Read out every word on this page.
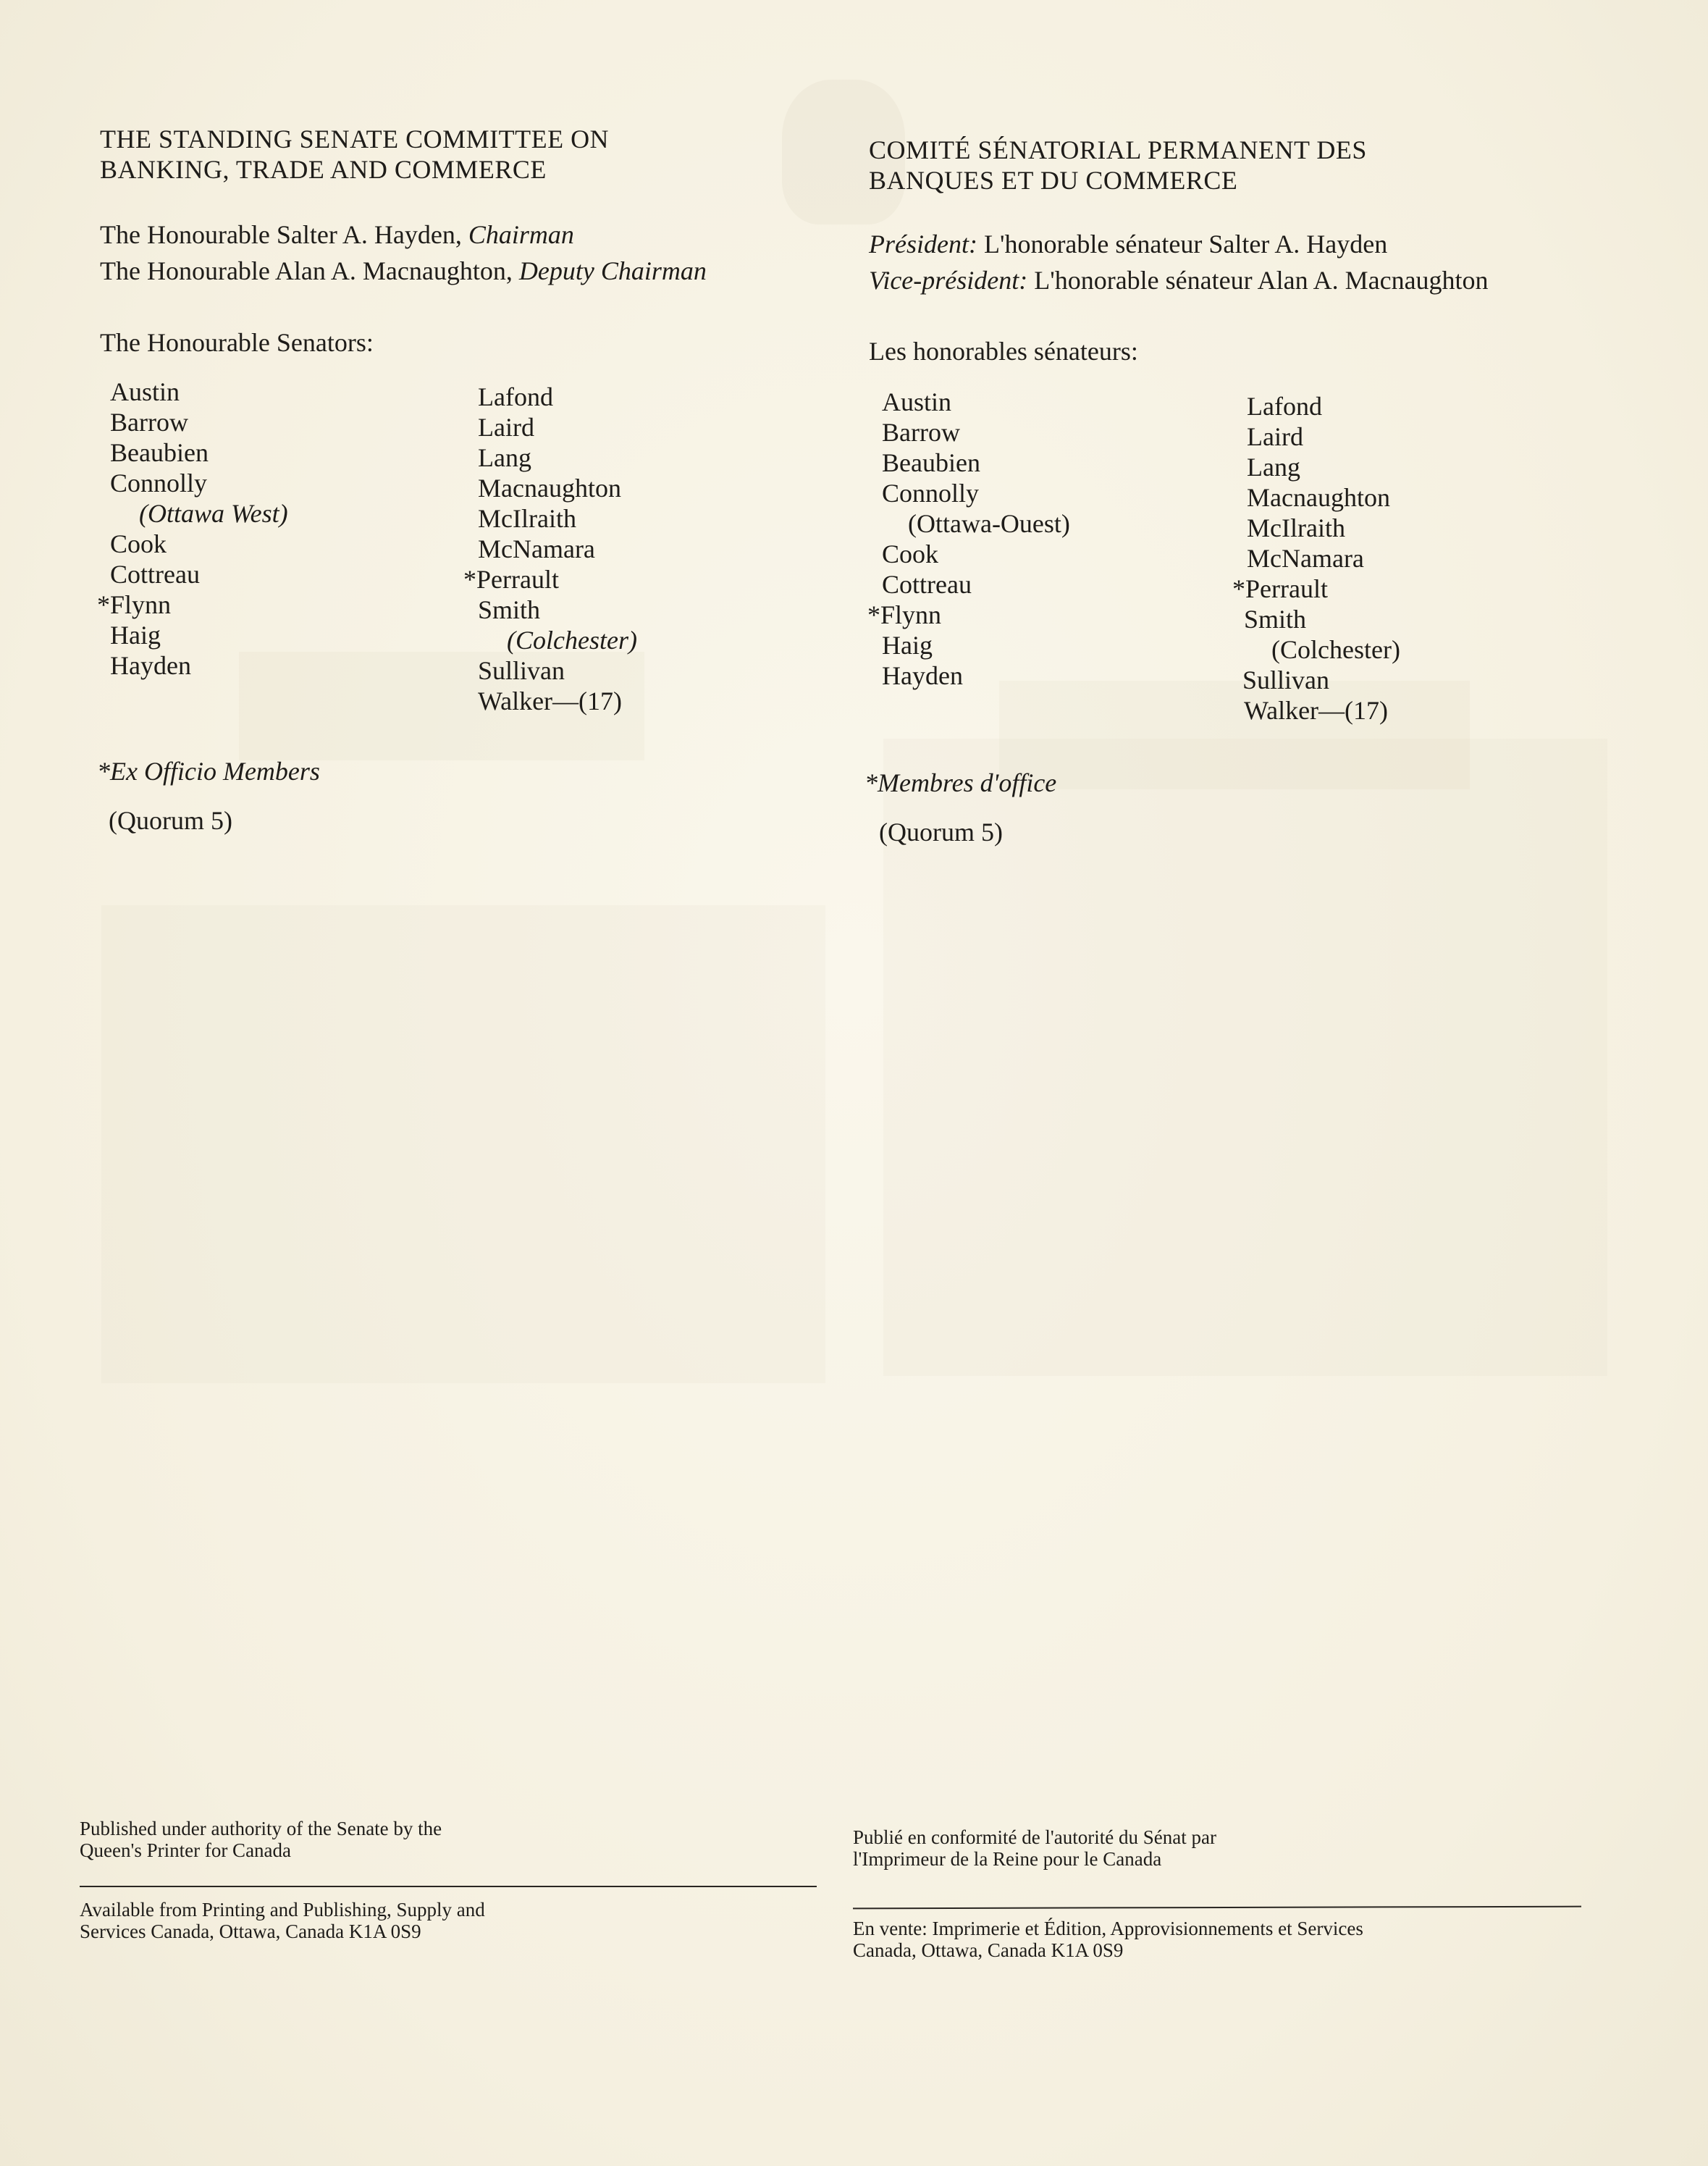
THE STANDING SENATE COMMITTEE ON
BANKING, TRADE AND COMMERCE
The Honourable Salter A. Hayden, Chairman
The Honourable Alan A. Macnaughton, Deputy Chairman
The Honourable Senators:
Austin
Barrow
Beaubien
Connolly
(Ottawa West)
Cook
Cottreau
*Flynn
Haig
Hayden
Lafond
Laird
Lang
Macnaughton
McIlraith
McNamara
*Perrault
Smith
(Colchester)
Sullivan
Walker—(17)
*Ex Officio Members
(Quorum 5)
Published under authority of the Senate by the
Queen's Printer for Canada
Available from Printing and Publishing, Supply and
Services Canada, Ottawa, Canada K1A 0S9
COMITÉ SÉNATORIAL PERMANENT DES
BANQUES ET DU COMMERCE
Président: L'honorable sénateur Salter A. Hayden
Vice-président: L'honorable sénateur Alan A. Macnaughton
Les honorables sénateurs:
Austin
Barrow
Beaubien
Connolly
(Ottawa-Ouest)
Cook
Cottreau
*Flynn
Haig
Hayden
Lafond
Laird
Lang
Macnaughton
McIlraith
McNamara
*Perrault
Smith
(Colchester)
Sullivan
Walker—(17)
*Membres d'office
(Quorum 5)
Publié en conformité de l'autorité du Sénat par
l'Imprimeur de la Reine pour le Canada
En vente: Imprimerie et Édition, Approvisionnements et Services
Canada, Ottawa, Canada K1A 0S9
